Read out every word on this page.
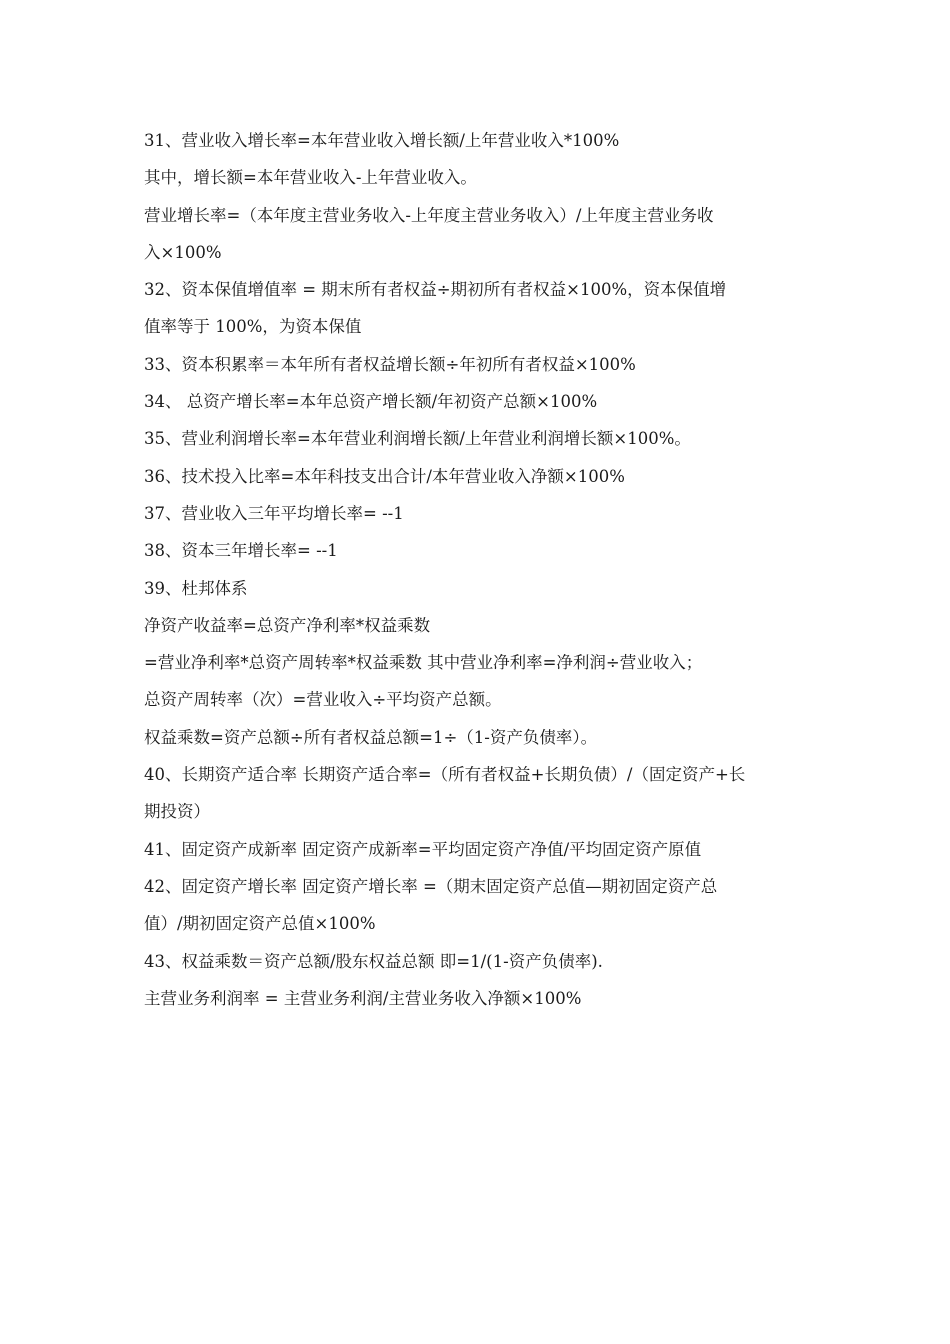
31、营业收入增长率=本年营业收入增长额/上年营业收入*100%
其中，增长额=本年营业收入-上年营业收入。
营业增长率=（本年度主营业务收入-上年度主营业务收入）/上年度主营业务收
入×100%
32、资本保值增值率 = 期末所有者权益÷期初所有者权益×100%，资本保值增
值率等于 100%，为资本保值
33、资本积累率＝本年所有者权益增长额÷年初所有者权益×100%
34、 总资产增长率=本年总资产增长额/年初资产总额×100%
35、营业利润增长率=本年营业利润增长额/上年营业利润增长额×100%。
36、技术投入比率=本年科技支出合计/本年营业收入净额×100%
37、营业收入三年平均增长率= --1
38、资本三年增长率= --1
39、杜邦体系
净资产收益率=总资产净利率*权益乘数
=营业净利率*总资产周转率*权益乘数 其中营业净利率=净利润÷营业收入；
总资产周转率（次）=营业收入÷平均资产总额。
权益乘数=资产总额÷所有者权益总额=1÷（1-资产负债率）。
40、长期资产适合率 长期资产适合率=（所有者权益+长期负债）/（固定资产+长
期投资）
41、固定资产成新率 固定资产成新率=平均固定资产净值/平均固定资产原值
42、固定资产增长率 固定资产增长率 =（期末固定资产总值—期初固定资产总
值）/期初固定资产总值×100%
43、权益乘数＝资产总额/股东权益总额 即=1/(1-资产负债率).
主营业务利润率 = 主营业务利润/主营业务收入净额×100%
